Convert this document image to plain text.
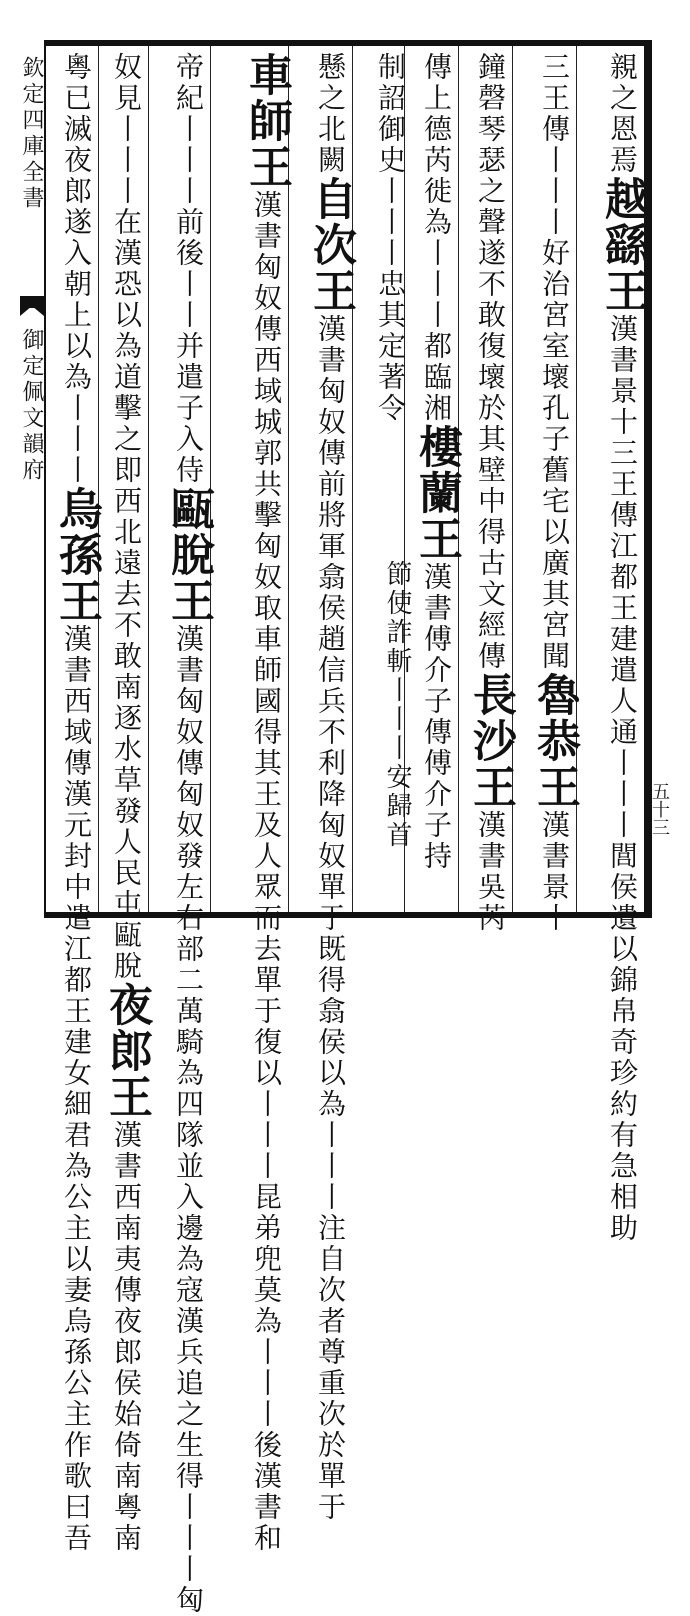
欽定四庫全書
御定佩文韻府
五十三
親之恩焉越繇王漢書景十三王傳江都王建遣人通丨丨丨閭侯遺以錦帛奇珍約有急相助
三王傳丨丨丨好治宮室壞孔子舊宅以廣其宮聞魯恭王漢書景十
鐘磬琴瑟之聲遂不敢復壞於其壁中得古文經傳長沙王漢書吳芮
傳上德芮徙為丨丨丨都臨湘樓蘭王漢書傅介子傳傅介子持
節使詐斬丨丨丨安歸首
制詔御史丨丨丨忠其定著令
懸之北闕自次王漢書匈奴傳前將軍翕侯趙信兵不利降匈奴單于既得翕侯以為丨丨丨注自次者尊重次於單于
車師王漢書匈奴傳西域城郭共擊匈奴取車師國得其王及人眾而去單于復以丨丨丨昆弟兜莫為丨丨丨後漢書和
帝紀丨丨丨前後丨丨并遣子入侍甌脫王漢書匈奴傳匈奴發左右部二萬騎為四隊並入邊為寇漢兵追之生得丨丨丨匈
奴見丨丨丨在漢恐以為道擊之即西北遠去不敢南逐水草發人民屯甌脫夜郎王漢書西南夷傳夜郎侯始倚南粵南
粵已滅夜郎遂入朝上以為丨丨丨烏孫王漢書西域傳漢元封中遣江都王建女細君為公主以妻烏孫公主作歌曰吾
